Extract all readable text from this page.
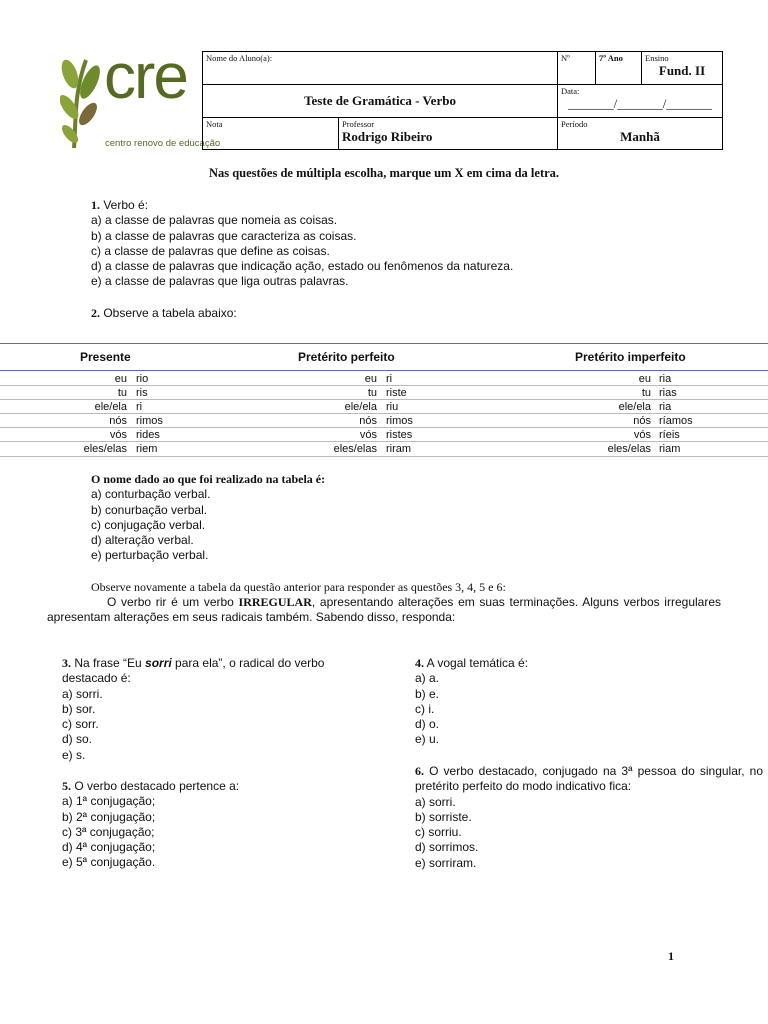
cre
centro renovo de educação
Nome do Aluno(a):		Nº	7º Ano	Ensino
Fund. II

Teste de Gramática - Verbo		Data:
_______/_______/_______		

Nota	Professor
Rodrigo Ribeiro	Período
Manhã		
Nas questões de múltipla escolha, marque um X em cima da letra.
1. Verbo é:
a) a classe de palavras que nomeia as coisas.
b) a classe de palavras que caracteriza as coisas.
c) a classe de palavras que define as coisas.
d) a classe de palavras que indicação ação, estado ou fenômenos da natureza.
e) a classe de palavras que liga outras palavras.
2. Observe a tabela abaixo:
Presente	Pretérito perfeito	Pretérito imperfeito
eu rio	eu ri	eu ria
tu ris	tu riste	tu rias
ele/ela ri	ele/ela riu	ele/ela ria
nós rimos	nós rimos	nós ríamos
vós rides	vós ristes	vós ríeis
eles/elas riem	eles/elas riram	eles/elas riam
O nome dado ao que foi realizado na tabela é:
a) conturbação verbal.
b) conurbação verbal.
c) conjugação verbal.
d) alteração verbal.
e) perturbação verbal.
Observe novamente a tabela da questão anterior para responder as questões 3, 4, 5 e 6:
O verbo rir é um verbo IRREGULAR, apresentando alterações em suas terminações. Alguns verbos irregulares apresentam alterações em seus radicais também. Sabendo disso, responda:
3. Na frase “Eu sorri para ela”, o radical do verbo destacado é:
a) sorri.
b) sor.
c) sorr.
d) so.
e) s.
4. A vogal temática é:
a) a.
b) e.
c) i.
d) o.
e) u.
5. O verbo destacado pertence a:
a) 1ª conjugação;
b) 2ª conjugação;
c) 3ª conjugação;
d) 4ª conjugação;
e) 5ª conjugação.
6. O verbo destacado, conjugado na 3ª pessoa do singular, no pretérito perfeito do modo indicativo fica:
a) sorri.
b) sorriste.
c) sorriu.
d) sorrimos.
e) sorriram.
1
